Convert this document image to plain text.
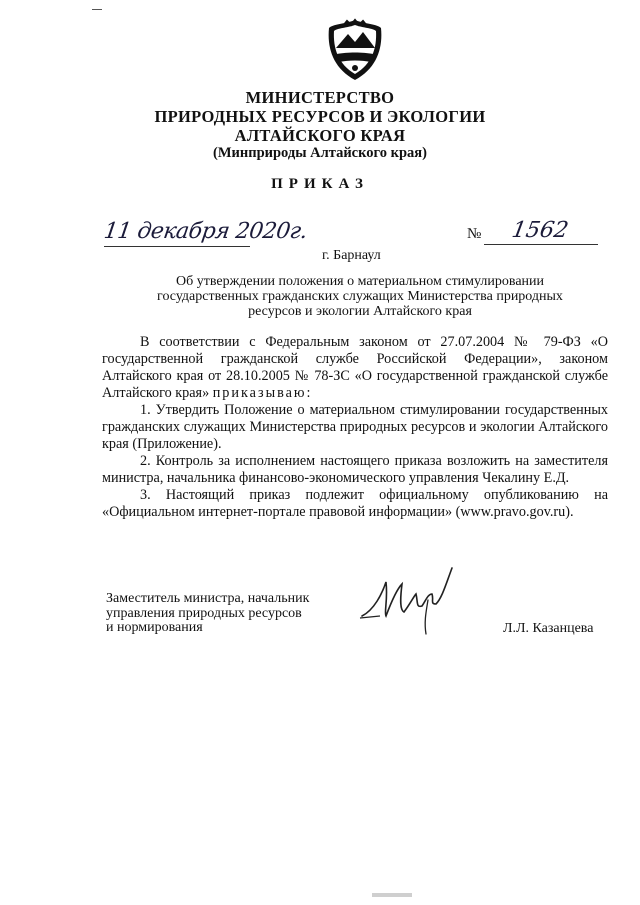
МИНИСТЕРСТВО
ПРИРОДНЫХ РЕСУРСОВ И ЭКОЛОГИИ
АЛТАЙСКОГО КРАЯ
(Минприроды Алтайского края)
ПРИКАЗ
11 декабря 2020г.	№ 1562
г. Барнаул
Об утверждении положения о материальном стимулировании государственных гражданских служащих Министерства природных ресурсов и экологии Алтайского края

В соответствии с Федеральным законом от 27.07.2004 № 79-ФЗ «О государственной гражданской службе Российской Федерации», законом Алтайского края от 28.10.2005 № 78-ЗС «О государственной гражданской службе Алтайского края» приказываю:

1. Утвердить Положение о материальном стимулировании государственных гражданских служащих Министерства природных ресурсов и экологии Алтайского края (Приложение).

2. Контроль за исполнением настоящего приказа возложить на заместителя министра, начальника финансово-экономического управления Чекалину Е.Д.

3. Настоящий приказ подлежит официальному опубликованию на «Официальном интернет-портале правовой информации» (www.pravo.gov.ru).

Заместитель министра, начальник
управления природных ресурсов
и нормирования	Л.Л. Казанцева
